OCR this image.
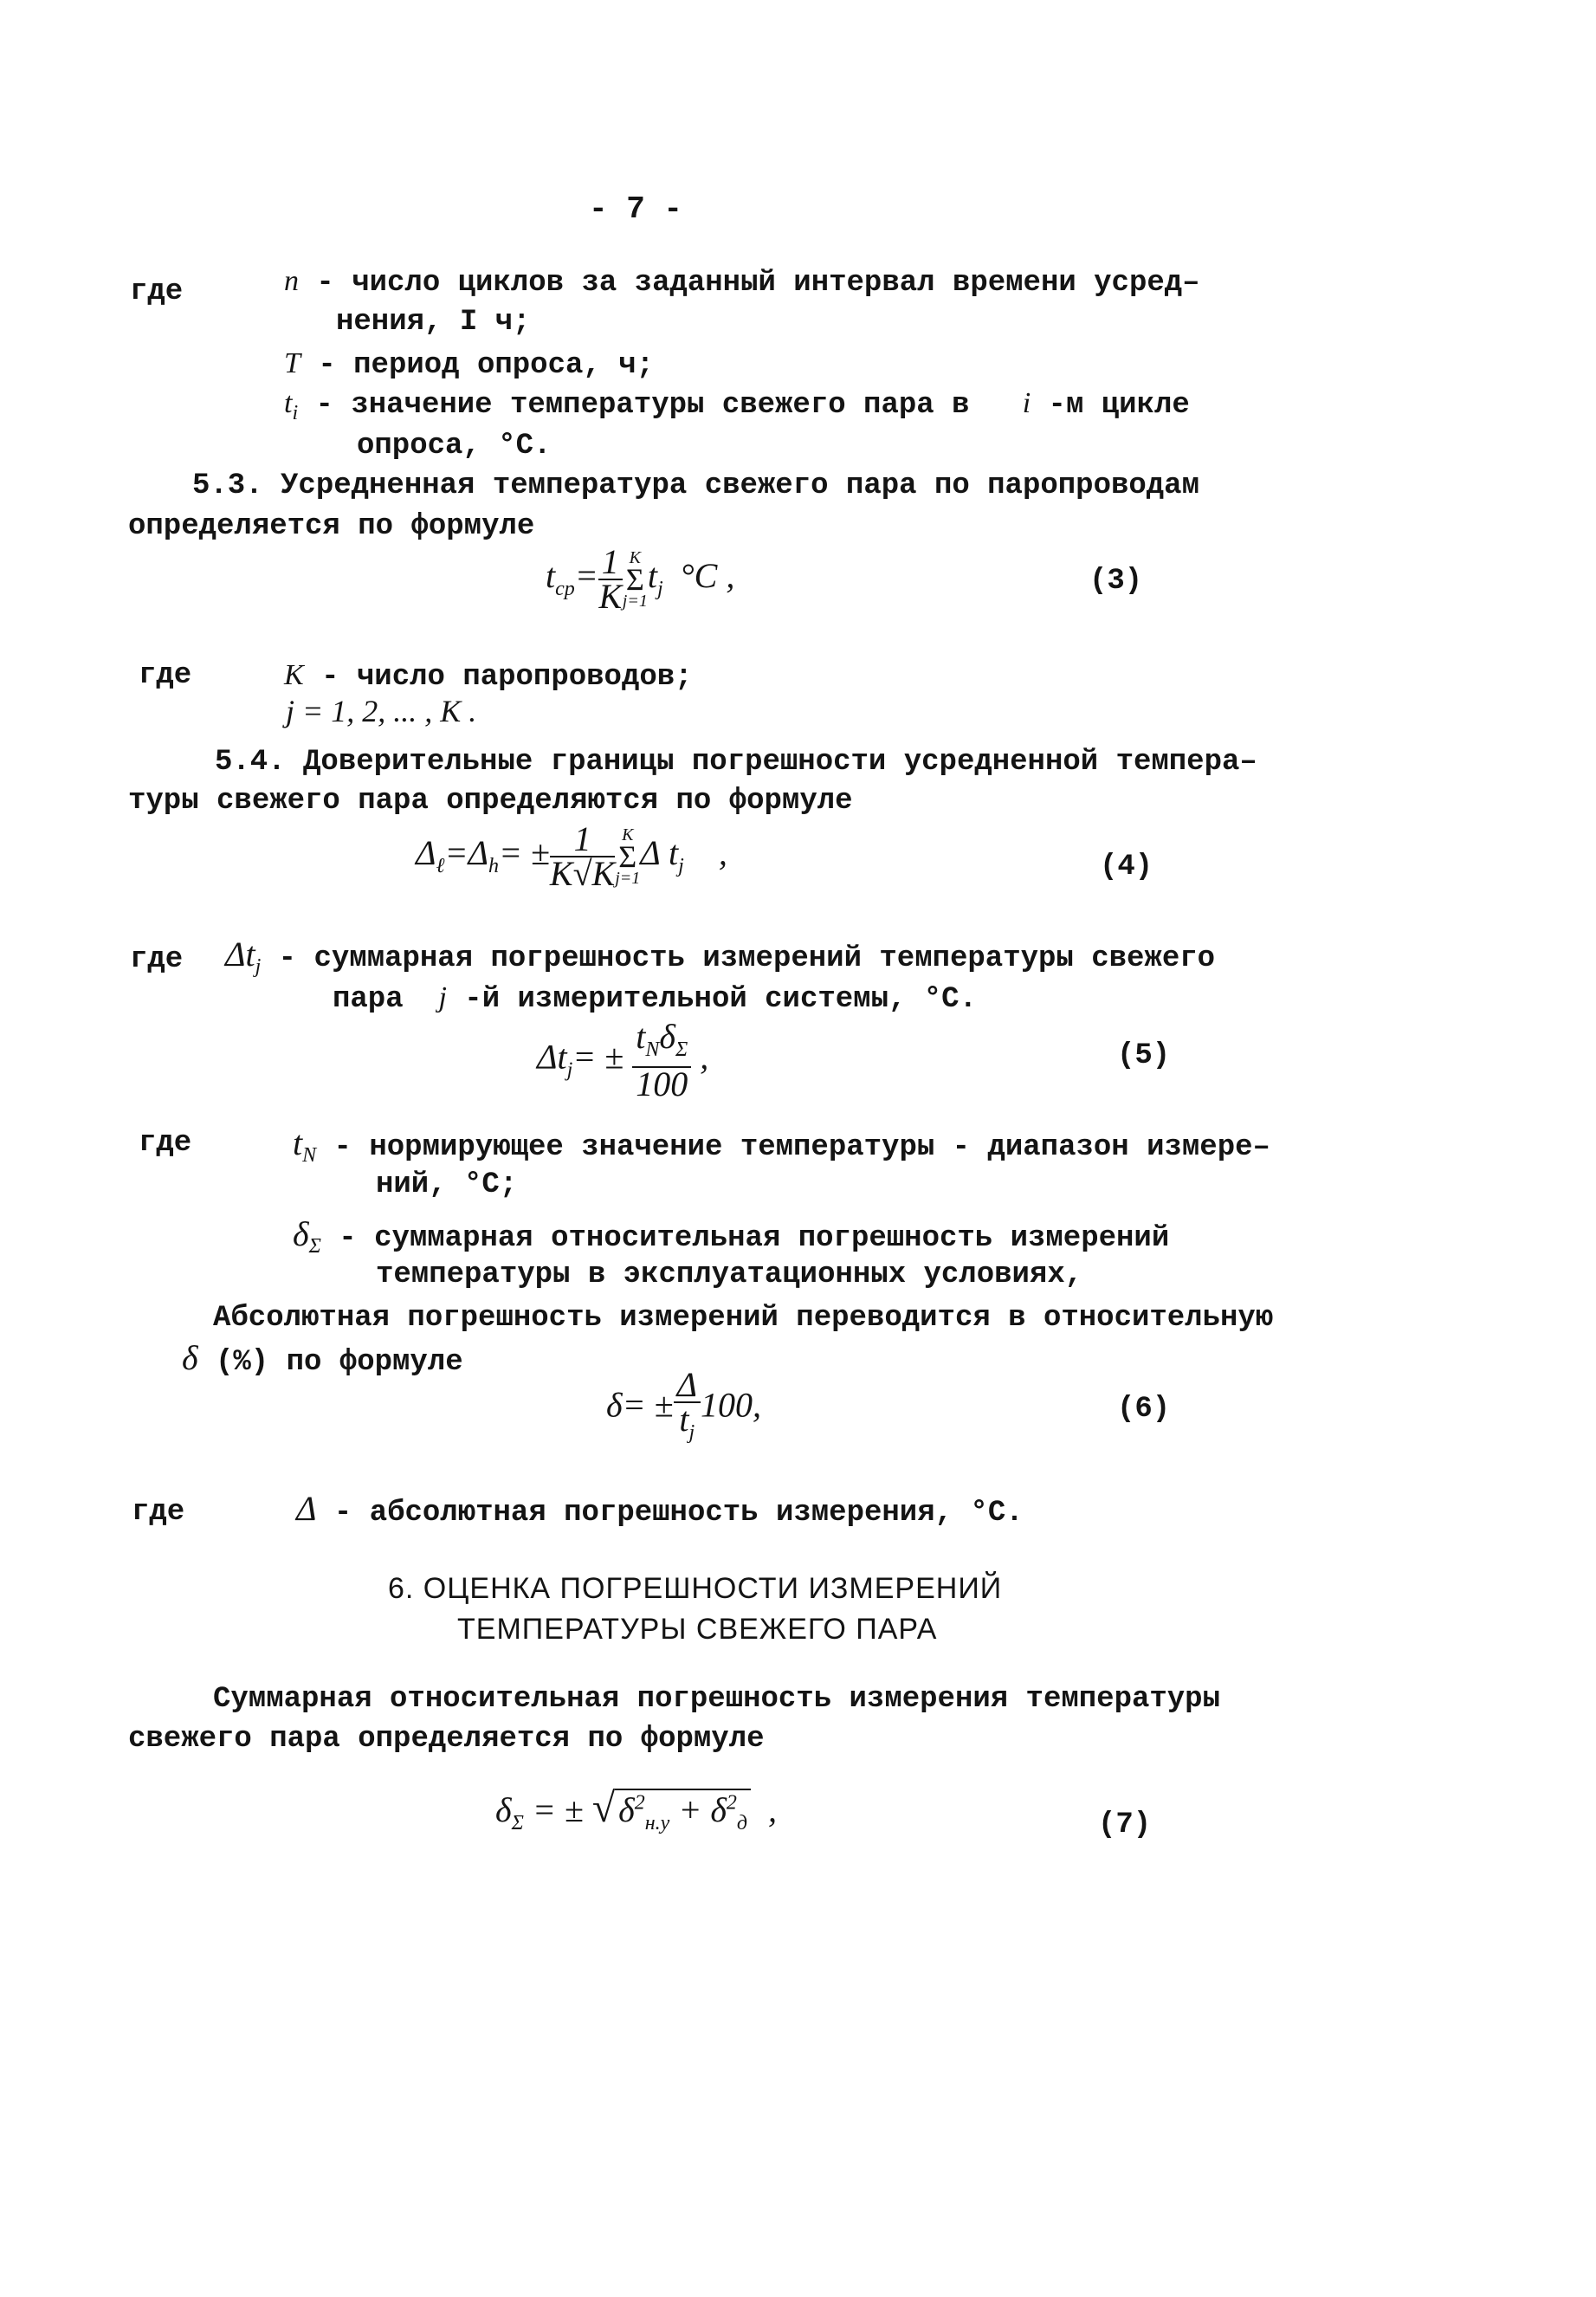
- 7 -
где	n - число циклов за заданный интервал времени усред–
нения, I ч;
T - период опроса, ч;
$t_i$ - значение температуры свежего пара в i -м цикле
опроса, °C.
5.3. Усредненная температура свежего пара по паропроводам
определяется по формуле
$t_{cp}= \frac{1}{K}$ K
Σ
j=1
$t_j$ °C ,	(3)
где	K - число паропроводов;
j = 1, 2, ... , K .
5.4. Доверительные границы погрешности усредненной темпера–
туры свежего пара определяются по формуле
$\Delta_\ell=\Delta_h= \pm \frac{1}{K√K}$ K
Σ
j=1
Δ $t_j$ ,	(4)
где $\Delta t_j$ - суммарная погрешность измерений температуры свежего
пара j -й измерительной системы, °С.
$\Delta t_j= \pm \frac{t_N\delta_\Sigma}{100}$ ,	(5)
где	$t_N$ - нормирующее значение температуры - диапазон измере–
ний, °С;
$\delta_\Sigma$ - суммарная относительная погрешность измерений
температуры в эксплуатационных условиях,
Абсолютная погрешность измерений переводится в относительную
δ (%) по формуле
$\delta= \pm \frac{\Delta}{t_j} 100$,	(6)
где	Δ - абсолютная погрешность измерения, °С.
6. ОЦЕНКА ПОГРЕШНОСТИ ИЗМЕРЕНИЙ
ТЕМПЕРАТУРЫ СВЕЖЕГО ПАРА
Суммарная относительная погрешность измерения температуры
свежего пара определяется по формуле
$\delta_\Sigma$ = ± √ $\delta^2_{н.у} + \delta^2_д$ ,	(7)
